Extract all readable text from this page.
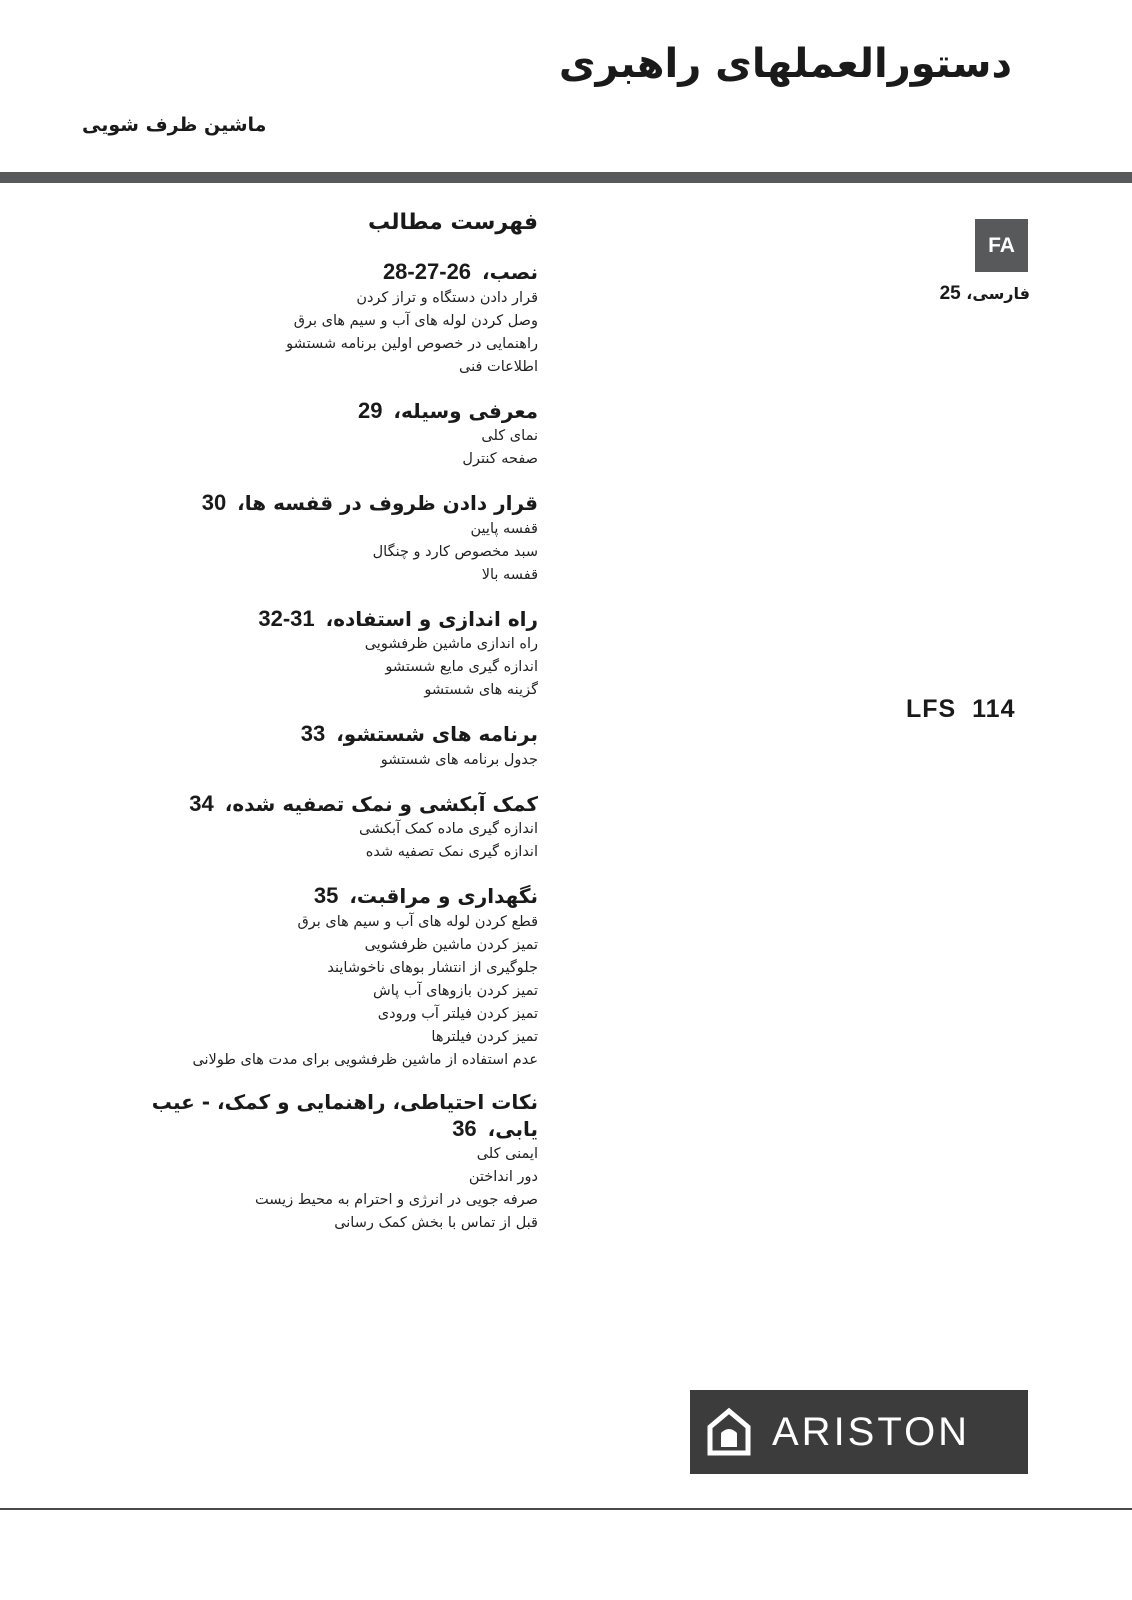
دستورالعملهای راهبری
ماشین ظرف شویی
فهرست مطالب
نصب، 26-27-28
قرار دادن دستگاه و تراز کردن
وصل کردن لوله های آب و سیم های برق
راهنمایی در خصوص اولین برنامه شستشو
اطلاعات فنی
معرفی وسیله، 29
نمای کلی
صفحه کنترل
قرار دادن ظروف در قفسه ها، 30
قفسه پایین
سبد مخصوص کارد و چنگال
قفسه بالا
راه اندازی و استفاده، 31-32
راه اندازی ماشین ظرفشویی
اندازه گیری مایع شستشو
گزینه های شستشو
برنامه های شستشو، 33
جدول برنامه های شستشو
کمک آبکشی و نمک تصفیه شده، 34
اندازه گیری ماده کمک آبکشی
اندازه گیری نمک تصفیه شده
نگهداری و مراقبت، 35
قطع کردن لوله های آب و سیم های برق
تمیز کردن ماشین ظرفشویی
جلوگیری از انتشار بوهای ناخوشایند
تمیز کردن بازوهای آب پاش
تمیز کردن فیلتر آب ورودی
تمیز کردن فیلترها
عدم استفاده از ماشین ظرفشویی برای مدت های طولانی
نکات احتیاطی، راهنمایی و کمک، - عیب یابی، 36
ایمنی کلی
دور انداختن
صرفه جویی در انرژی و احترام به محیط زیست
قبل از تماس با بخش کمک رسانی
FA
فارسی، 25
LFS 114
ARISTON
